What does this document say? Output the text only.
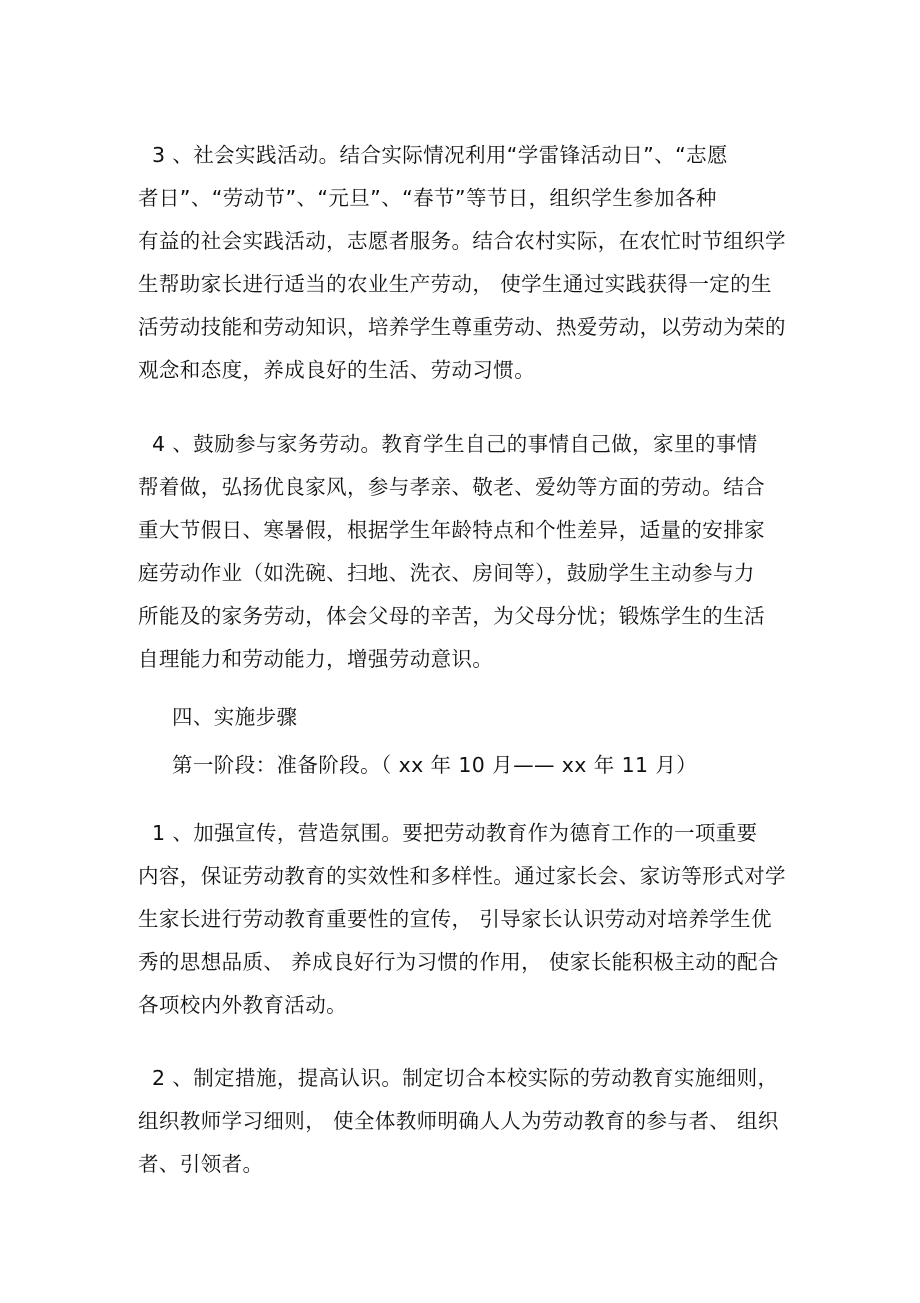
3 、社会实践活动。结合实际情况利用“学雷锋活动日”、“志愿
者日”、“劳动节”、“元旦”、“春节”等节日，组织学生参加各种
有益的社会实践活动，志愿者服务。结合农村实际，在农忙时节组织学
生帮助家长进行适当的农业生产劳动， 使学生通过实践获得一定的生
活劳动技能和劳动知识，培养学生尊重劳动、热爱劳动，以劳动为荣的
观念和态度，养成良好的生活、劳动习惯。
4 、鼓励参与家务劳动。教育学生自己的事情自己做，家里的事情
帮着做，弘扬优良家风，参与孝亲、敬老、爱幼等方面的劳动。结合
重大节假日、寒暑假，根据学生年龄特点和个性差异，适量的安排家
庭劳动作业（如洗碗、扫地、洗衣、房间等），鼓励学生主动参与力
所能及的家务劳动，体会父母的辛苦，为父母分忧；锻炼学生的生活
自理能力和劳动能力，增强劳动意识。
四、实施步骤
第一阶段：准备阶段。（ xx 年 10 月—— xx 年 11 月）
1 、加强宣传，营造氛围。要把劳动教育作为德育工作的一项重要
内容，保证劳动教育的实效性和多样性。通过家长会、家访等形式对学
生家长进行劳动教育重要性的宣传， 引导家长认识劳动对培养学生优
秀的思想品质、 养成良好行为习惯的作用， 使家长能积极主动的配合
各项校内外教育活动。
2 、制定措施，提高认识。制定切合本校实际的劳动教育实施细则，
组织教师学习细则， 使全体教师明确人人为劳动教育的参与者、 组织
者、引领者。
